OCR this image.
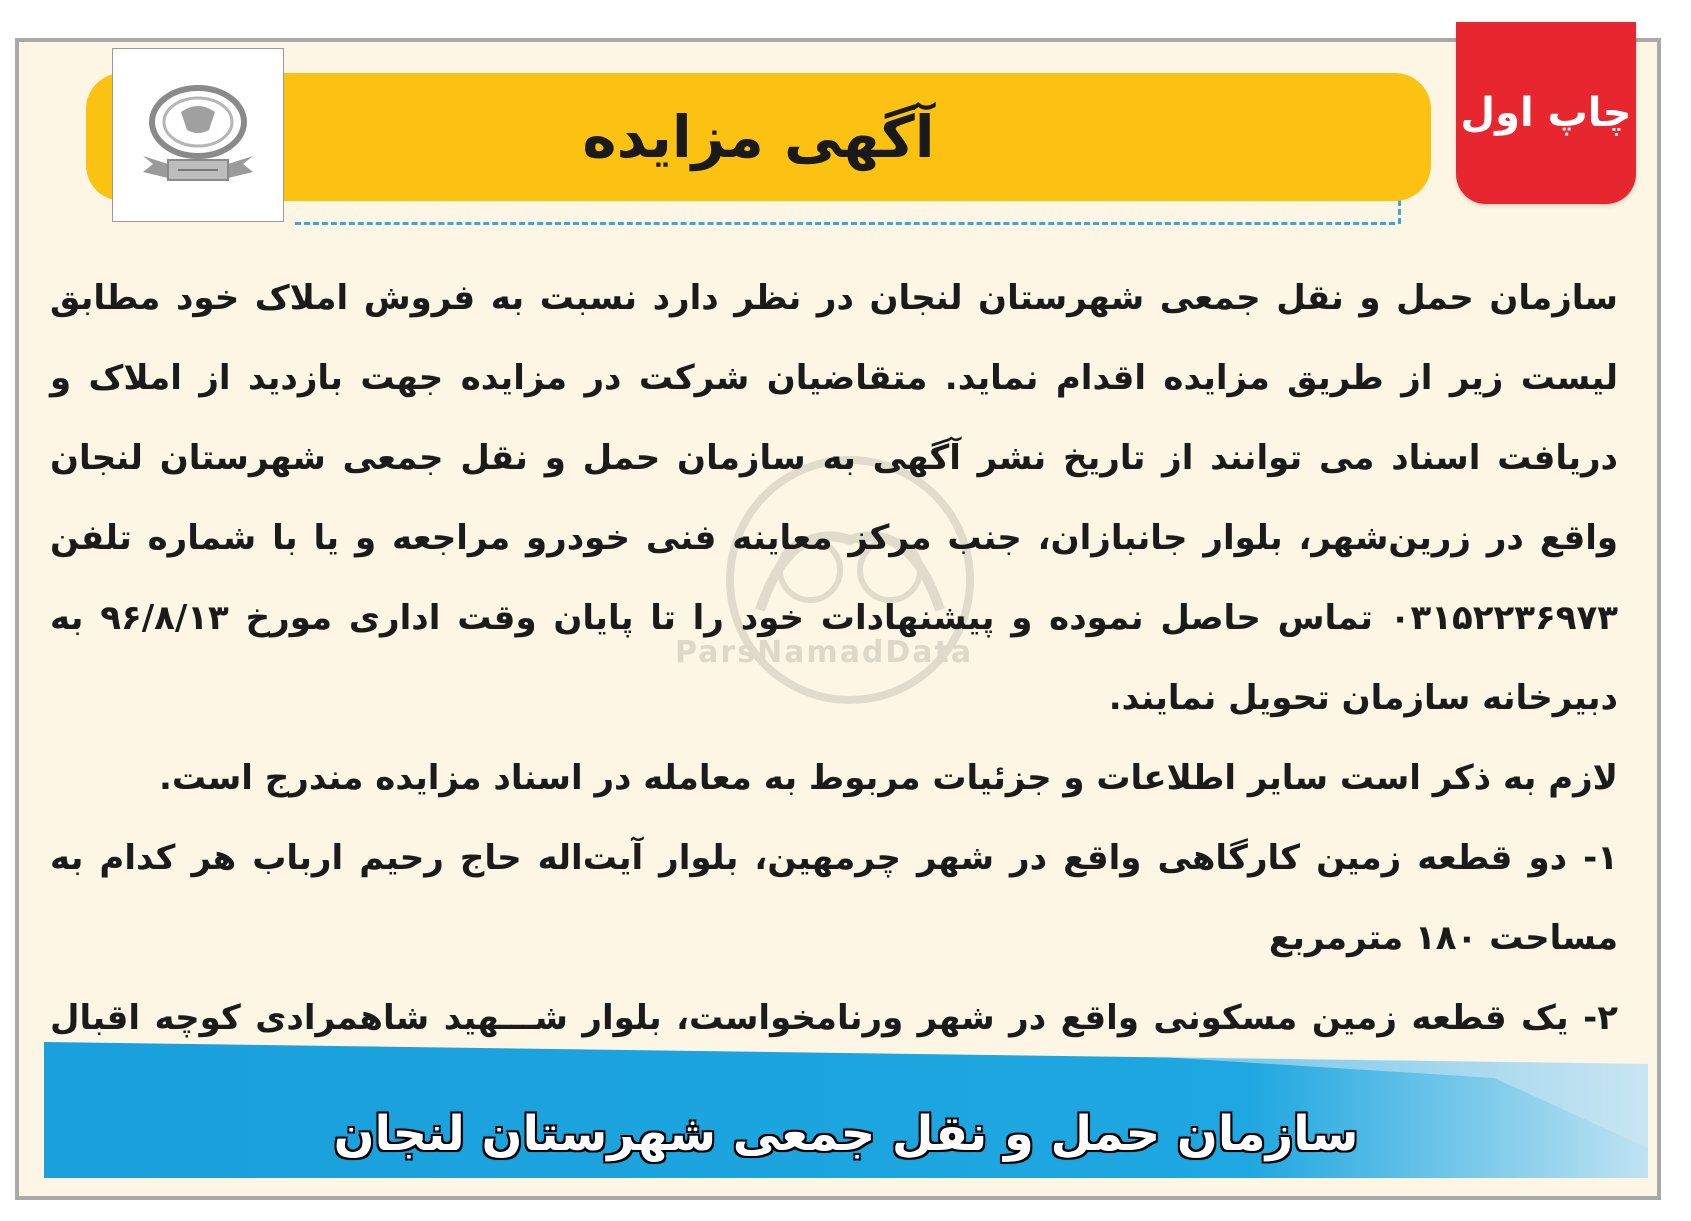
چاپ اول
آگهی مزایده

سازمان حمل و نقل جمعی شهرستان لنجان در نظر دارد نسبت به فروش املاک خود مطابق لیست زیر از طریق مزایده اقدام نماید. متقاضیان شرکت در مزایده جهت بازدید از املاک و دریافت اسناد می توانند از تاریخ نشر آگهی به سازمان حمل و نقل جمعی شهرستان لنجان واقع در زرین‌شهر، بلوار جانبازان، جنب مرکز معاینه فنی خودرو مراجعه و یا با شماره تلفن ۰۳۱۵۲۲۳۶۹۷۳ تماس حاصل نموده و پیشنهادات خود را تا پایان وقت اداری مورخ ۹۶/۸/۱۳ به دبیرخانه سازمان تحویل نمایند.

لازم به ذکر است سایر اطلاعات و جزئیات مربوط به معامله در اسناد مزایده مندرج است.

۱- دو قطعه زمین کارگاهی واقع در شهر چرمهین، بلوار آیت‌اله حاج رحیم ارباب هر کدام به مساحت ۱۸۰ مترمربع

۲- یک قطعه زمین مسکونی واقع در شهر ورنامخواست، بلوار شـــهید شاهمرادی کوچه اقبال

سازمان حمل و نقل جمعی شهرستان لنجان
